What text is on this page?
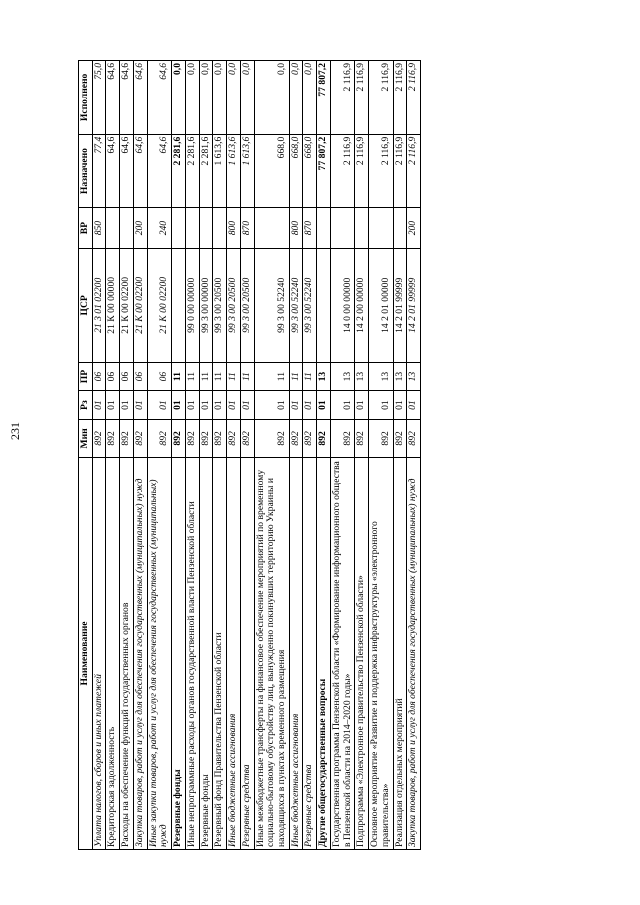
231
Наименование	Мин	Рз	ПР	ЦСР	ВР	Назначено	Исполнено
Уплата налогов, сборов и иных платежей	892	01	06	21 3 01 02200	850	77,4	75,0
Кредиторская задолженность	892	01	06	21 К 00 00000		64,6	64,6
Расходы на обеспечение функций государственных органов	892	01	06	21 К 00 02200		64,6	64,6
Закупка товаров, работ и услуг для обеспечения государственных (муниципальных) нужд	892	01	06	21 К 00 02200	200	64,6	64,6
Иные закупки товаров, работ и услуг для обеспечения государственных (муниципальных) нужд	892	01	06	21 К 00 02200	240	64,6	64,6
Резервные фонды	892	01	11			2 281,6	0,0
Иные непрограммные расходы органов государственной власти Пензенской области	892	01	11	99 0 00 00000		2 281,6	0,0
Резервные фонды	892	01	11	99 3 00 00000		2 281,6	0,0
Резервный фонд Правительства Пензенской области	892	01	11	99 3 00 20500		1 613,6	0,0
Иные бюджетные ассигнования	892	01	11	99 3 00 20500	800	1 613,6	0,0
Резервные средства	892	01	11	99 3 00 20500	870	1 613,6	0,0
Иные межбюджетные трансферты на финансовое обеспечение мероприятий по временному социально-бытовому обустройству лиц, вынужденно покинувших территорию Украины и находящихся в пунктах временного размещения	892	01	11	99 3 00 52240		668,0	0,0
Иные бюджетные ассигнования	892	01	11	99 3 00 52240	800	668,0	0,0
Резервные средства	892	01	11	99 3 00 52240	870	668,0	0,0
Другие общегосударственные вопросы	892	01	13			77 807,2	77 807,2
Государственная программа Пензенской области «Формирование информационного общества в Пензенской области на 2014–2020 годы»	892	01	13	14 0 00 00000		2 116,9	2 116,9
Подпрограмма «Электронное правительство Пензенской области»	892	01	13	14 2 00 00000		2 116,9	2 116,9
Основное мероприятие «Развитие и поддержка инфраструктуры «электронного правительства»	892	01	13	14 2 01 00000		2 116,9	2 116,9
Реализация отдельных мероприятий	892	01	13	14 2 01 99999		2 116,9	2 116,9
Закупка товаров, работ и услуг для обеспечения государственных (муниципальных) нужд	892	01	13	14 2 01 99999	200	2 116,9	2 116,9
